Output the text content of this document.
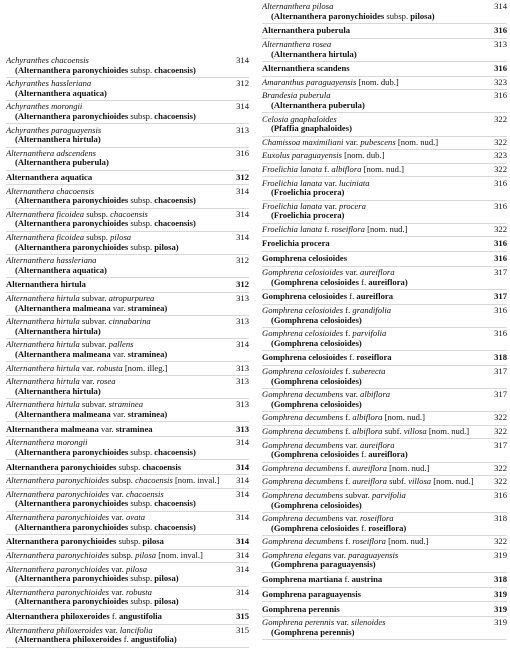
Achyranthes chacoensis	314
(Alternanthera paronychioides subsp. chacoensis)
Achyranthes hassleriana	312
(Alternanthera aquatica)
Achyranthes morongii	314
(Alternanthera paronychioides subsp. chacoensis)
Achyranthes paraguayensis	313
(Alternanthera hirtula)
Alternanthera adscendens	316
(Alternanthera puberula)
Alternanthera aquatica	312
Alternanthera chacoensis	314
(Alternanthera paronychioides subsp. chacoensis)
Alternanthera ficoidea subsp. chacoensis	314
(Alternanthera paronychioides subsp. chacoensis)
Alternanthera ficoidea subsp. pilosa	314
(Alternanthera paronychioides subsp. pilosa)
Alternanthera hassleriana	312
(Alternanthera aquatica)
Alternanthera hirtula	312
Alternanthera hirtula subvar. atropurpurea	313
(Alternanthera malmeana var. straminea)
Alternanthera hirtula subvar. cinnabarina	313
(Alternanthera hirtula)
Alternanthera hirtula subvar. pallens	314
(Alternanthera malmeana var. straminea)
Alternanthera hirtula var. robusta [nom. illeg.]	313
Alternanthera hirtula var. rosea	313
(Alternanthera hirtula)
Alternanthera hirtula subvar. straminea	313
(Alternanthera malmeana var. straminea)
Alternanthera malmeana var. straminea	313
Alternanthera morongii	314
(Alternanthera paronychioides subsp. chacoensis)
Alternanthera paronychioides subsp. chacoensis	314
Alternanthera paronychioides subsp. chacoensis [nom. inval.]	314
Alternanthera paronychioides var. chacoensis	314
(Alternanthera paronychioides subsp. chacoensis)
Alternanthera paronychioides var. ovata	314
(Alternanthera paronychioides subsp. chacoensis)
Alternanthera paronychioides subsp. pilosa	314
Alternanthera paronychioides subsp. pilosa [nom. inval.]	314
Alternanthera paronychioides var. pilosa	314
(Alternanthera paronychioides subsp. pilosa)
Alternanthera paronychioides var. robusta	314
(Alternanthera paronychioides subsp. pilosa)
Alternanthera philoxeroides f. angustifolia	315
Alternanthera philoxeroides var. lancifolia	315
(Alternanthera philoxeroides f. angustifolia)
Alternanthera pilosa	314
(Alternanthera paronychioides subsp. pilosa)
Alternanthera puberula	316
Alternanthera rosea	313
(Alternanthera hirtula)
Alternanthera scandens	316
Amaranthus paraguayensis [nom. dub.]	323
Brandesia puberula	316
(Alternanthera puberula)
Celosia gnaphaloides	322
(Pfaffia gnaphaloides)
Chamissoa maximiliani var. pubescens [nom. nud.]	322
Euxolus paraguayensis [nom. dub.]	323
Froelichia lanata f. albiflora [nom. nud.]	322
Froelichia lanata var. luciniata	316
(Froelichia procera)
Froelichia lanata var. procera	316
(Froelichia procera)
Froelichia lanata f. roseiflora [nom. nud.]	322
Froelichia procera	316
Gomphrena celosioides	316
Gomphrena celosioides var. aureiflora	317
(Gomphrena celosioides f. aureiflora)
Gomphrena celosioides f. aureiflora	317
Gomphrena celosioides f. grandifolia	316
(Gomphrena celosioides)
Gomphrena celosioides f. parvifolia	316
(Gomphrena celosioides)
Gomphrena celosioides f. roseiflora	318
Gomphrena celosioides f. suberecta	317
(Gomphrena celosioides)
Gomphrena decumbens var. albiflora	317
(Gomphrena celosioides)
Gomphrena decumbens f. albiflora [nom. nud.]	322
Gomphrena decumbens f. albiflora subf. villosa [nom. nud.]	322
Gomphrena decumbens var. aureiflora	317
(Gomphrena celosioides f. aureiflora)
Gomphrena decumbens f. aureiflora [nom. nud.]	322
Gomphrena decumbens f. aureiflora subf. villosa [nom. nud.]	322
Gomphrena decumbens subvar. parvifolia	316
(Gomphrena celosioides)
Gomphrena decumbens var. roseiflora	318
(Gomphrena celosioides f. roseiflora)
Gomphrena decumbens f. roseiflora [nom. nud.]	322
Gomphrena elegans var. paraguayensis	319
(Gomphrena paraguayensis)
Gomphrena martiana f. austrina	318
Gomphrena paraguayensis	319
Gomphrena perennis	319
Gomphrena perennis var. silenoides	319
(Gomphrena perennis)
